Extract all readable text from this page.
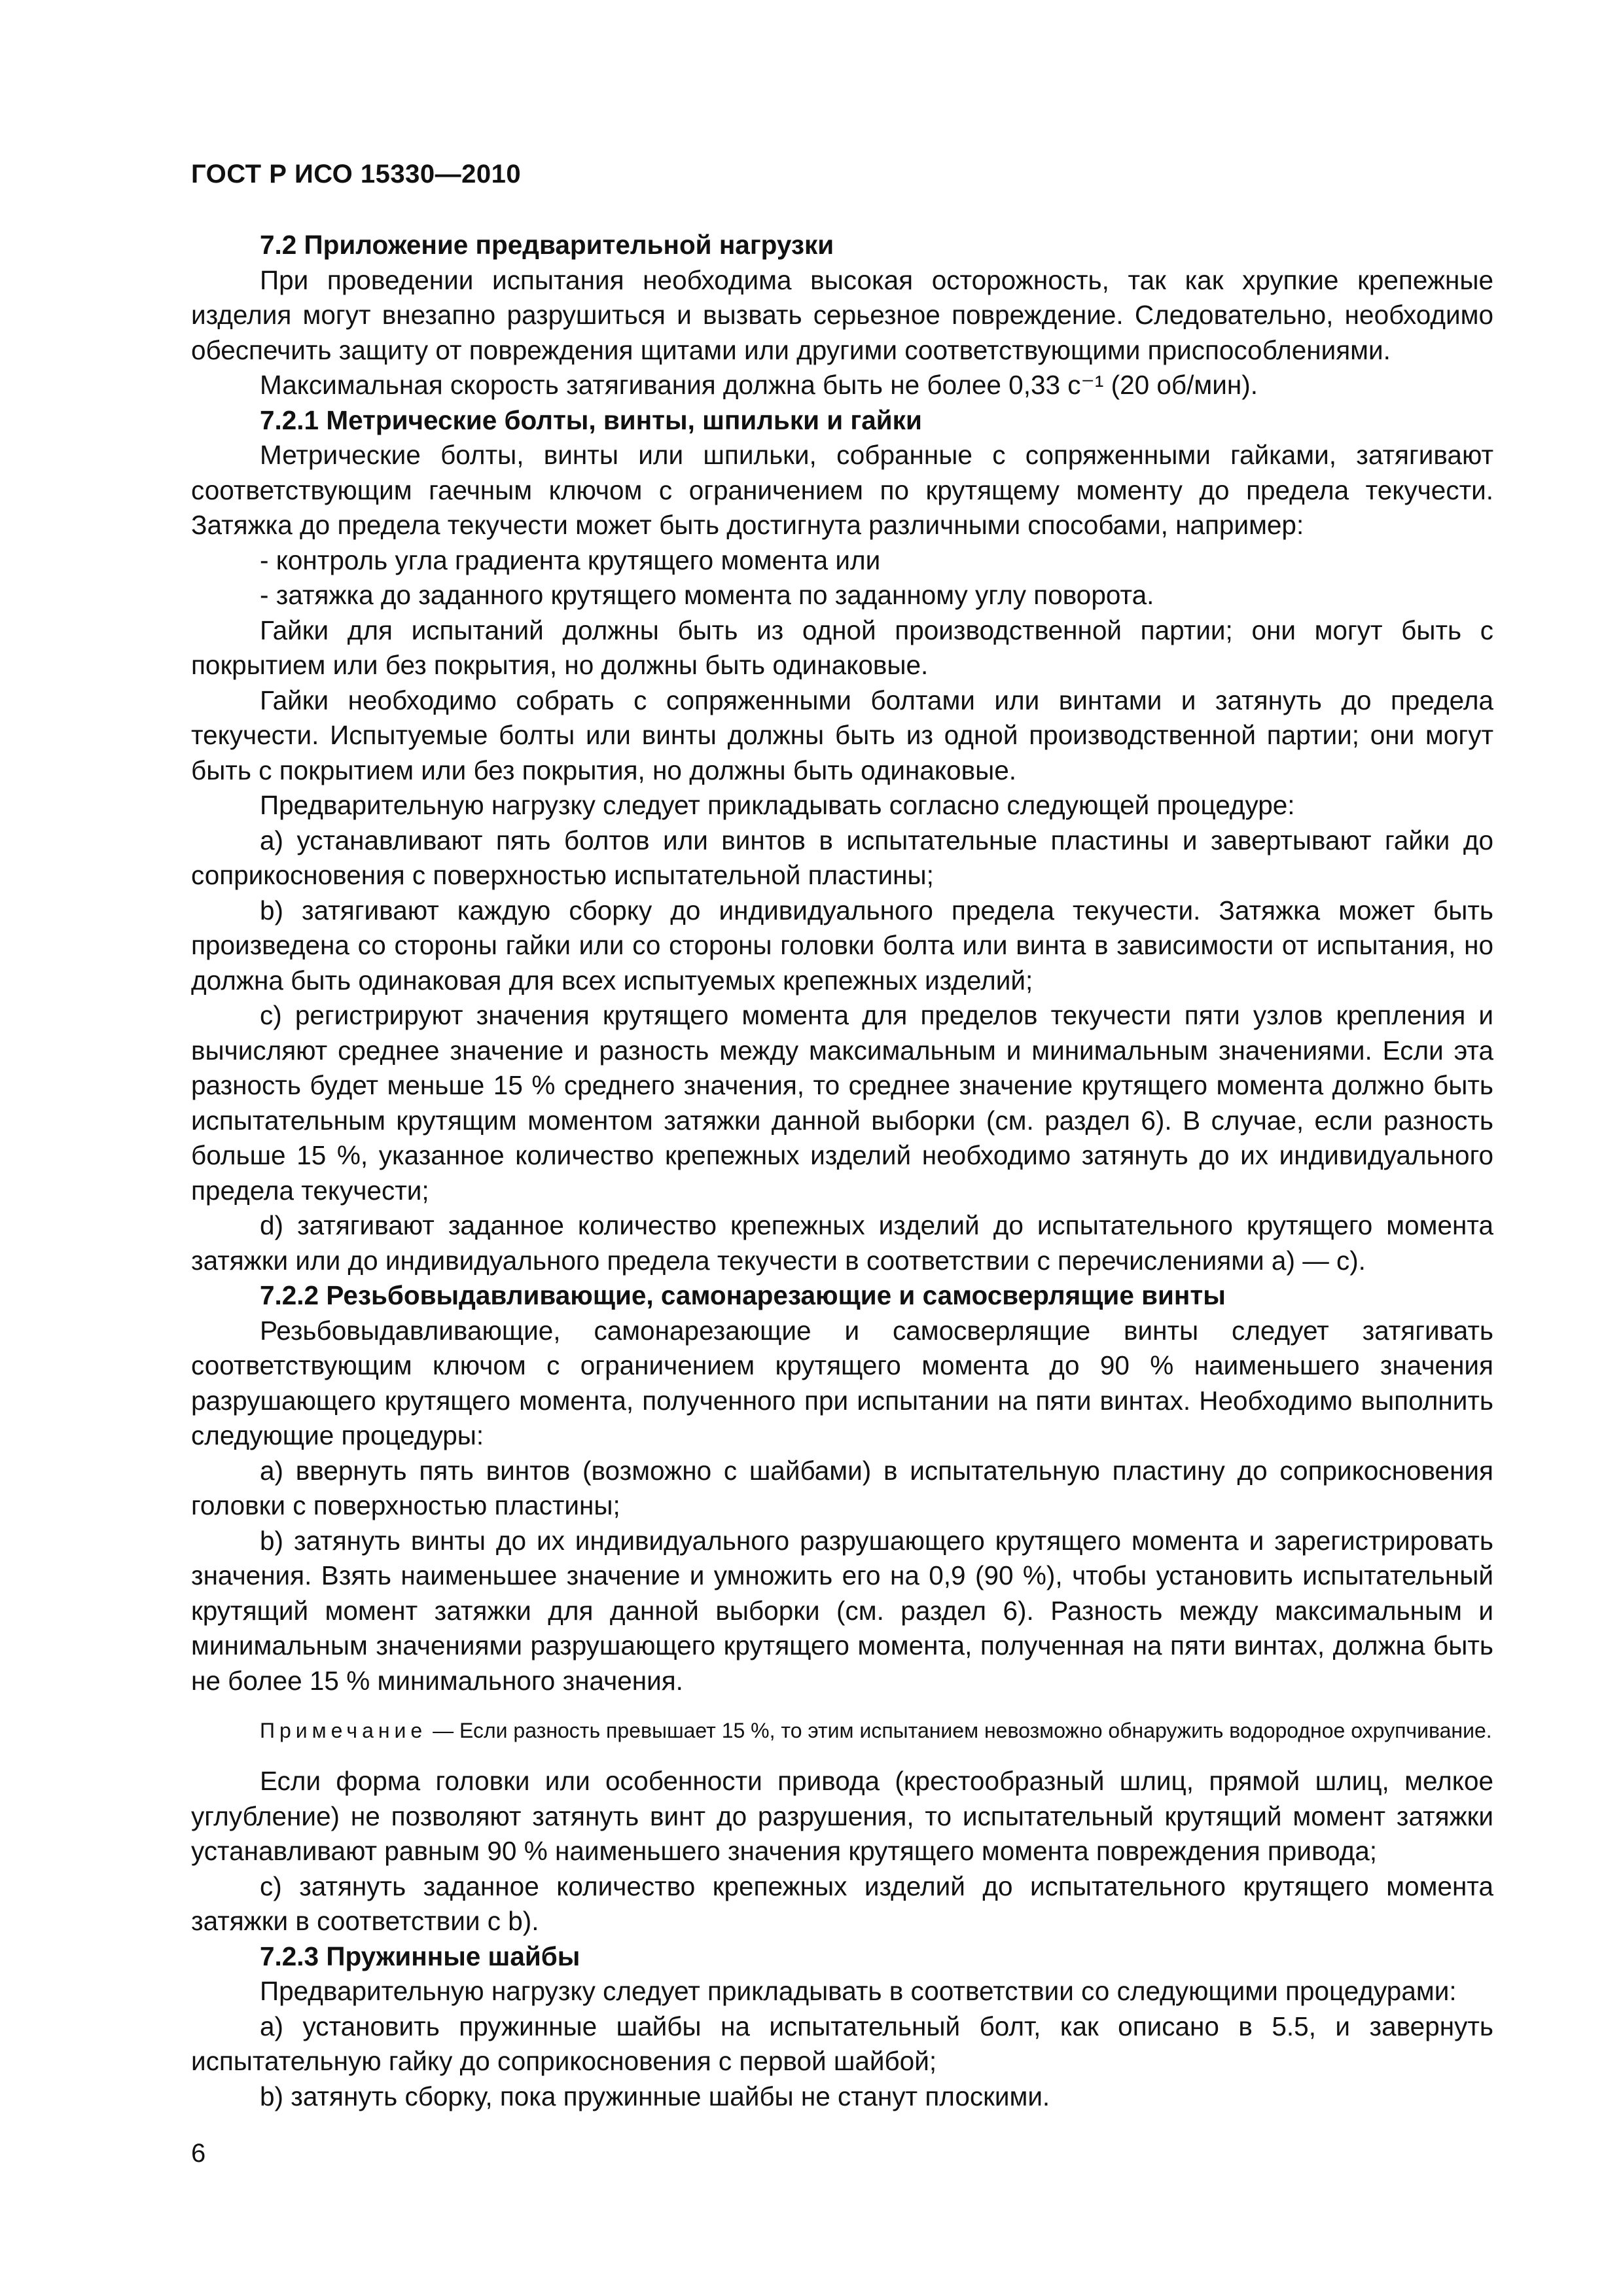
ГОСТ Р ИСО 15330—2010

7.2 Приложение предварительной нагрузки

При проведении испытания необходима высокая осторожность, так как хрупкие крепежные изделия могут внезапно разрушиться и вызвать серьезное повреждение. Следовательно, необходимо обеспечить защиту от повреждения щитами или другими соответствующими приспособлениями.

Максимальная скорость затягивания должна быть не более 0,33 с⁻¹ (20 об/мин).

7.2.1 Метрические болты, винты, шпильки и гайки

Метрические болты, винты или шпильки, собранные с сопряженными гайками, затягивают соответствующим гаечным ключом с ограничением по крутящему моменту до предела текучести. Затяжка до предела текучести может быть достигнута различными способами, например:

- контроль угла градиента крутящего момента или

- затяжка до заданного крутящего момента по заданному углу поворота.

Гайки для испытаний должны быть из одной производственной партии; они могут быть с покрытием или без покрытия, но должны быть одинаковые.

Гайки необходимо собрать с сопряженными болтами или винтами и затянуть до предела текучести. Испытуемые болты или винты должны быть из одной производственной партии; они могут быть с покрытием или без покрытия, но должны быть одинаковые.

Предварительную нагрузку следует прикладывать согласно следующей процедуре:

a) устанавливают пять болтов или винтов в испытательные пластины и завертывают гайки до соприкосновения с поверхностью испытательной пластины;

b) затягивают каждую сборку до индивидуального предела текучести. Затяжка может быть произведена со стороны гайки или со стороны головки болта или винта в зависимости от испытания, но должна быть одинаковая для всех испытуемых крепежных изделий;

c) регистрируют значения крутящего момента для пределов текучести пяти узлов крепления и вычисляют среднее значение и разность между максимальным и минимальным значениями. Если эта разность будет меньше 15 % среднего значения, то среднее значение крутящего момента должно быть испытательным крутящим моментом затяжки данной выборки (см. раздел 6). В случае, если разность больше 15 %, указанное количество крепежных изделий необходимо затянуть до их индивидуального предела текучести;

d) затягивают заданное количество крепежных изделий до испытательного крутящего момента затяжки или до индивидуального предела текучести в соответствии с перечислениями а) — с).

7.2.2 Резьбовыдавливающие, самонарезающие и самосверлящие винты

Резьбовыдавливающие, самонарезающие и самосверлящие винты следует затягивать соответствующим ключом с ограничением крутящего момента до 90 % наименьшего значения разрушающего крутящего момента, полученного при испытании на пяти винтах. Необходимо выполнить следующие процедуры:

a) ввернуть пять винтов (возможно с шайбами) в испытательную пластину до соприкосновения головки с поверхностью пластины;

b) затянуть винты до их индивидуального разрушающего крутящего момента и зарегистрировать значения. Взять наименьшее значение и умножить его на 0,9 (90 %), чтобы установить испытательный крутящий момент затяжки для данной выборки (см. раздел 6). Разность между максимальным и минимальным значениями разрушающего крутящего момента, полученная на пяти винтах, должна быть не более 15 % минимального значения.

Примечание — Если разность превышает 15 %, то этим испытанием невозможно обнаружить водородное охрупчивание.

Если форма головки или особенности привода (крестообразный шлиц, прямой шлиц, мелкое углубление) не позволяют затянуть винт до разрушения, то испытательный крутящий момент затяжки устанавливают равным 90 % наименьшего значения крутящего момента повреждения привода;

c) затянуть заданное количество крепежных изделий до испытательного крутящего момента затяжки в соответствии с b).

7.2.3 Пружинные шайбы

Предварительную нагрузку следует прикладывать в соответствии со следующими процедурами:

a) установить пружинные шайбы на испытательный болт, как описано в 5.5, и завернуть испытательную гайку до соприкосновения с первой шайбой;

b) затянуть сборку, пока пружинные шайбы не станут плоскими.

6
